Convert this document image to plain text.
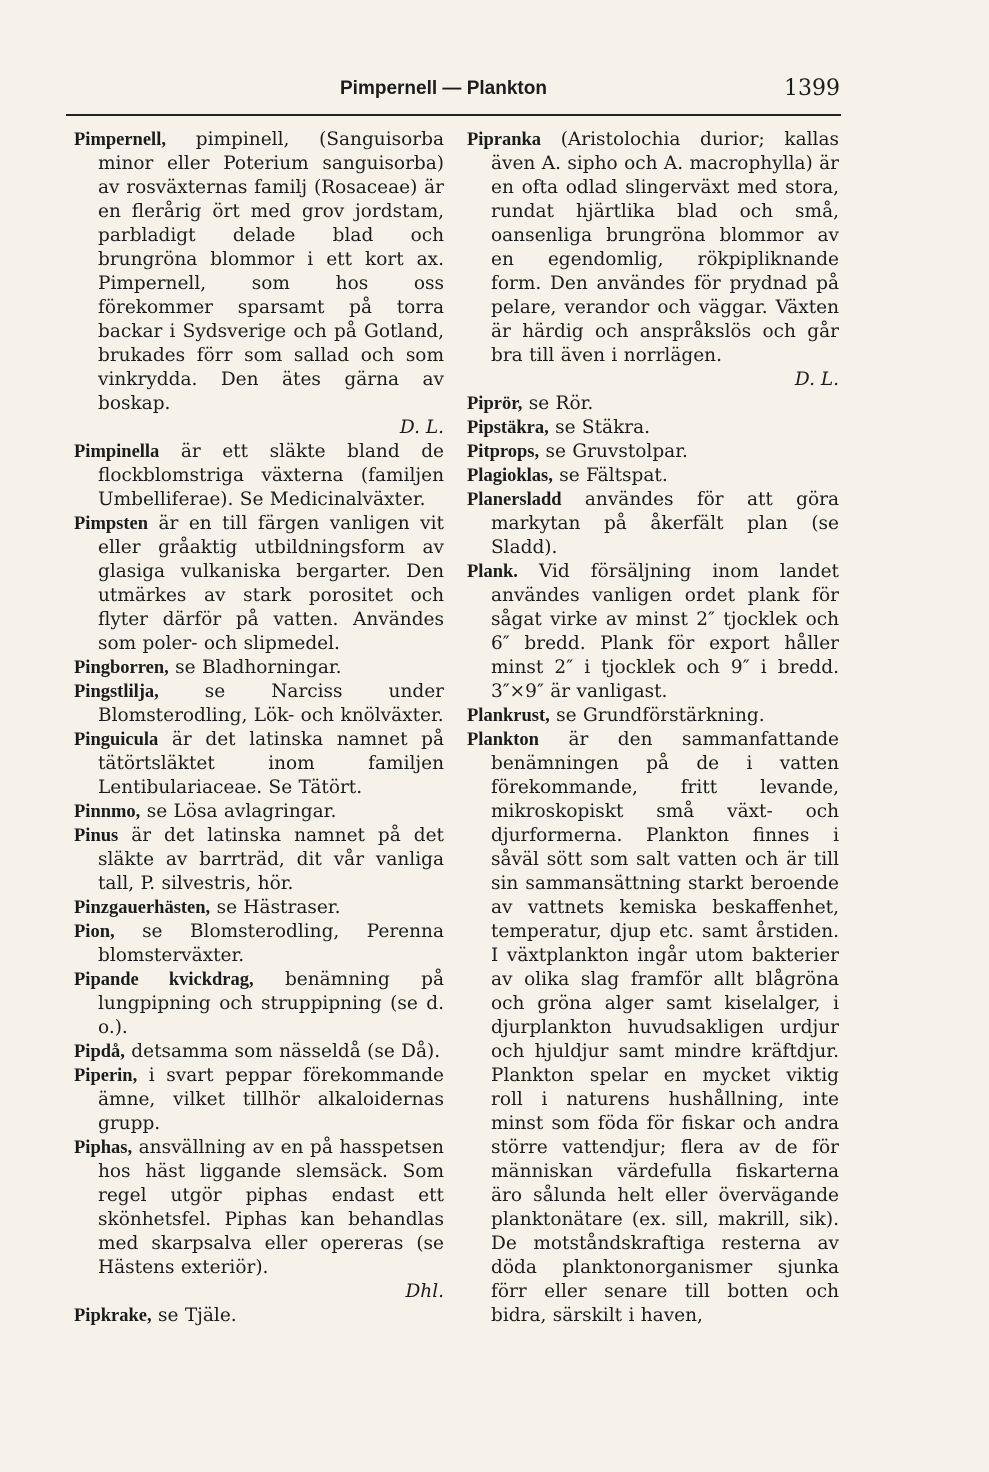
Pimpernell — Plankton	1399

Pimpernell, pimpinell, (Sanguisorba minor eller Poterium sanguisorba) av rosväxternas familj (Rosaceae) är en flerårig ört med grov jordstam, parbladigt delade blad och brungröna blommor i ett kort ax. Pimpernell, som hos oss förekommer sparsamt på torra backar i Sydsverige och på Gotland, brukades förr som sallad och som vinkrydda. Den ätes gärna av boskap.

D. L.

Pimpinella är ett släkte bland de flockblomstriga växterna (familjen Umbelliferae). Se Medicinalväxter.

Pimpsten är en till färgen vanligen vit eller gråaktig utbildningsform av glasiga vulkaniska bergarter. Den utmärkes av stark porositet och flyter därför på vatten. Användes som poler- och slipmedel.

Pingborren, se Bladhorningar.

Pingstlilja, se Narciss under Blomsterodling, Lök- och knölväxter.

Pinguicula är det latinska namnet på tätörtsläktet inom familjen Lentibulariaceae. Se Tätört.

Pinnmo, se Lösa avlagringar.

Pinus är det latinska namnet på det släkte av barrträd, dit vår vanliga tall, P. silvestris, hör.

Pinzgauerhästen, se Hästraser.

Pion, se Blomsterodling, Perenna blomsterväxter.

Pipande kvickdrag, benämning på lungpipning och struppipning (se d. o.).

Pipdå, detsamma som nässeldå (se Då).

Piperin, i svart peppar förekommande ämne, vilket tillhör alkaloidernas grupp.

Piphas, ansvällning av en på hasspetsen hos häst liggande slemsäck. Som regel utgör piphas endast ett skönhetsfel. Piphas kan behandlas med skarpsalva eller opereras (se Hästens exteriör).

Dhl.

Pipkrake, se Tjäle.

Pipranka (Aristolochia durior; kallas även A. sipho och A. macrophylla) är en ofta odlad slingerväxt med stora, rundat hjärtlika blad och små, oansenliga brungröna blommor av en egendomlig, rökpipliknande form. Den användes för prydnad på pelare, verandor och väggar. Växten är härdig och anspråkslös och går bra till även i norrlägen.

D. L.

Piprör, se Rör.

Pipstäkra, se Stäkra.

Pitprops, se Gruvstolpar.

Plagioklas, se Fältspat.

Planersladd användes för att göra markytan på åkerfält plan (se Sladd).

Plank. Vid försäljning inom landet användes vanligen ordet plank för sågat virke av minst 2″ tjocklek och 6″ bredd. Plank för export håller minst 2″ i tjocklek och 9″ i bredd. 3″×9″ är vanligast.

Plankrust, se Grundförstärkning.

Plankton är den sammanfattande benämningen på de i vatten förekommande, fritt levande, mikroskopiskt små växt- och djurformerna. Plankton finnes i såväl sött som salt vatten och är till sin sammansättning starkt beroende av vattnets kemiska beskaffenhet, temperatur, djup etc. samt årstiden. I växtplankton ingår utom bakterier av olika slag framför allt blågröna och gröna alger samt kiselalger, i djurplankton huvudsakligen urdjur och hjuldjur samt mindre kräftdjur. Plankton spelar en mycket viktig roll i naturens hushållning, inte minst som föda för fiskar och andra större vattendjur; flera av de för människan värdefulla fiskarterna äro sålunda helt eller övervägande planktonätare (ex. sill, makrill, sik). De motståndskraftiga resterna av döda planktonorganismer sjunka förr eller senare till botten och bidra, särskilt i haven,
